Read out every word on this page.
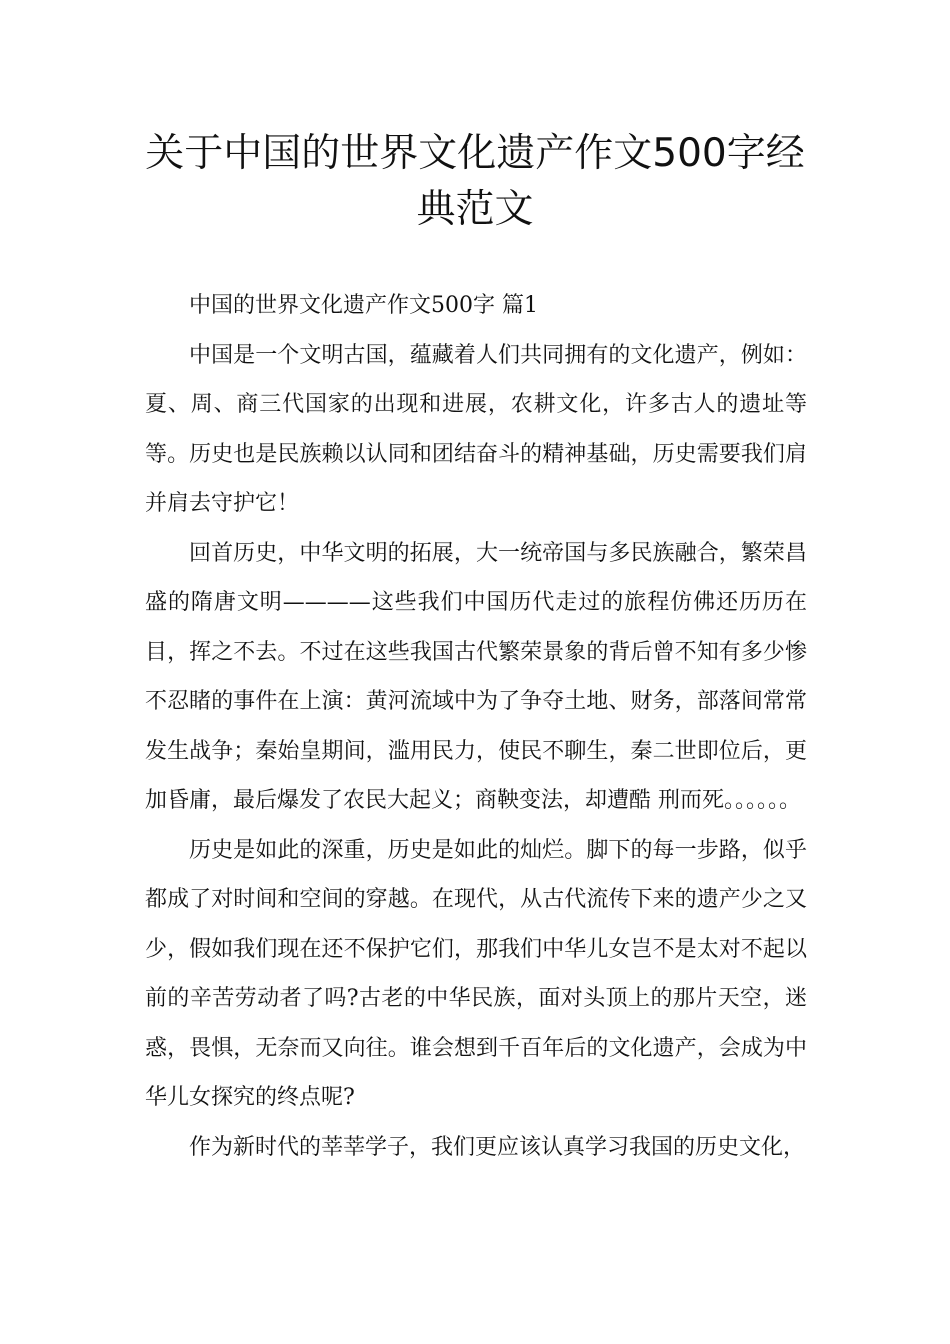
关于中国的世界文化遗产作文500字经典范文

中国的世界文化遗产作文500字 篇1

中国是一个文明古国，蕴藏着人们共同拥有的文化遗产，例如：夏、周、商三代国家的出现和进展，农耕文化，许多古人的遗址等等。历史也是民族赖以认同和团结奋斗的精神基础，历史需要我们肩并肩去守护它！

回首历史，中华文明的拓展，大一统帝国与多民族融合，繁荣昌盛的隋唐文明————这些我们中国历代走过的旅程仿佛还历历在目，挥之不去。不过在这些我国古代繁荣景象的背后曾不知有多少惨不忍睹的事件在上演：黄河流域中为了争夺土地、财务，部落间常常发生战争；秦始皇期间，滥用民力，使民不聊生，秦二世即位后，更加昏庸，最后爆发了农民大起义；商鞅变法，却遭酷 刑而死。。。。。。

历史是如此的深重，历史是如此的灿烂。脚下的每一步路，似乎都成了对时间和空间的穿越。在现代，从古代流传下来的遗产少之又少，假如我们现在还不保护它们，那我们中华儿女岂不是太对不起以前的辛苦劳动者了吗?古老的中华民族，面对头顶上的那片天空，迷惑，畏惧，无奈而又向往。谁会想到千百年后的文化遗产，会成为中华儿女探究的终点呢?

作为新时代的莘莘学子，我们更应该认真学习我国的历史文化，
